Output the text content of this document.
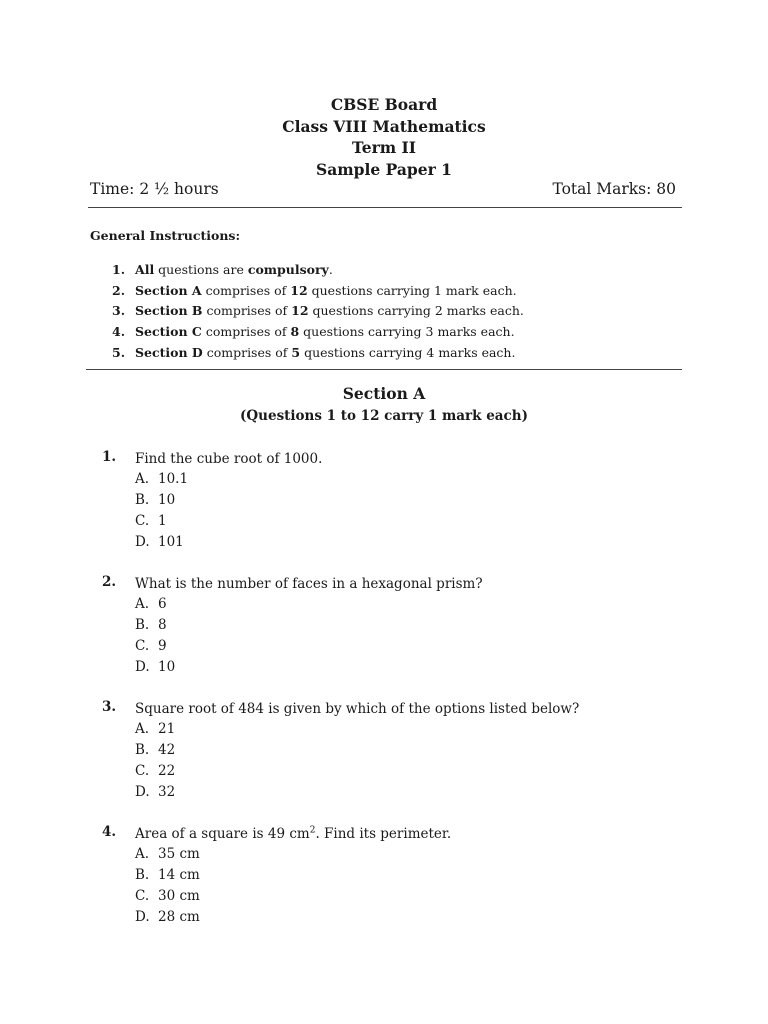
CBSE Board
Class VIII Mathematics
Term II
Sample Paper 1
Time: 2 ½ hours	Total Marks: 80
General Instructions:
1. All questions are compulsory.
2. Section A comprises of 12 questions carrying 1 mark each.
3. Section B comprises of 12 questions carrying 2 marks each.
4. Section C comprises of 8 questions carrying 3 marks each.
5. Section D comprises of 5 questions carrying 4 marks each.
Section A
(Questions 1 to 12 carry 1 mark each)
1. Find the cube root of 1000.
A. 10.1
B. 10
C. 1
D. 101
2. What is the number of faces in a hexagonal prism?
A. 6
B. 8
C. 9
D. 10
3. Square root of 484 is given by which of the options listed below?
A. 21
B. 42
C. 22
D. 32
4. Area of a square is 49 $cm^2$. Find its perimeter.
A. 35 cm
B. 14 cm
C. 30 cm
D. 28 cm
